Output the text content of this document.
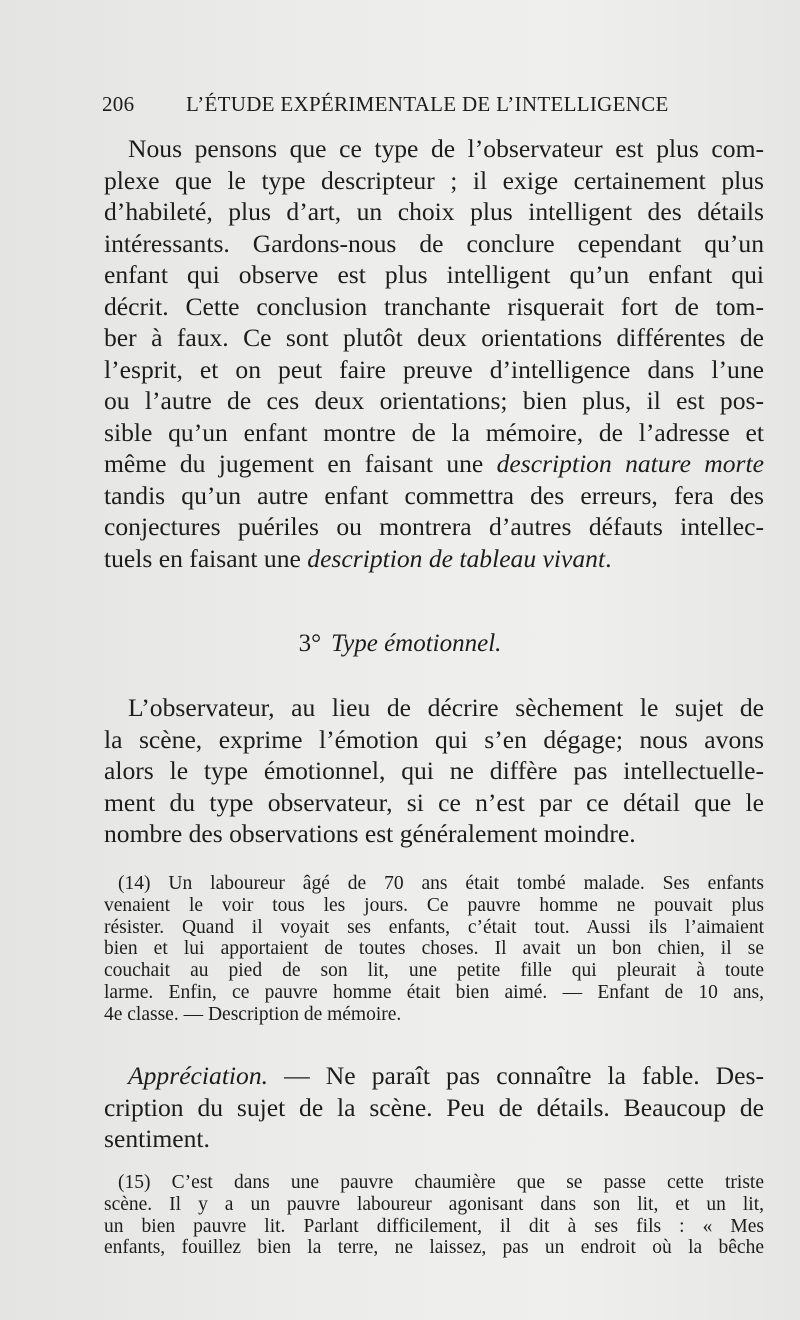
206 L’ÉTUDE EXPÉRIMENTALE DE L’INTELLIGENCE
Nous pensons que ce type de l’observateur est plus com-
plexe que le type descripteur ; il exige certainement plus
d’habileté, plus d’art, un choix plus intelligent des détails
intéressants. Gardons-nous de conclure cependant qu’un
enfant qui observe est plus intelligent qu’un enfant qui
décrit. Cette conclusion tranchante risquerait fort de tom-
ber à faux. Ce sont plutôt deux orientations différentes de
l’esprit, et on peut faire preuve d’intelligence dans l’une
ou l’autre de ces deux orientations; bien plus, il est pos-
sible qu’un enfant montre de la mémoire, de l’adresse et
même du jugement en faisant une description nature morte
tandis qu’un autre enfant commettra des erreurs, fera des
conjectures puériles ou montrera d’autres défauts intellec-
tuels en faisant une description de tableau vivant.
3° Type émotionnel.
L’observateur, au lieu de décrire sèchement le sujet de
la scène, exprime l’émotion qui s’en dégage; nous avons
alors le type émotionnel, qui ne diffère pas intellectuelle-
ment du type observateur, si ce n’est par ce détail que le
nombre des observations est généralement moindre.
(14) Un laboureur âgé de 70 ans était tombé malade. Ses enfants
venaient le voir tous les jours. Ce pauvre homme ne pouvait plus
résister. Quand il voyait ses enfants, c’était tout. Aussi ils l’aimaient
bien et lui apportaient de toutes choses. Il avait un bon chien, il se
couchait au pied de son lit, une petite fille qui pleurait à toute
larme. Enfin, ce pauvre homme était bien aimé. — Enfant de 10 ans,
4e classe. — Description de mémoire.
Appréciation. — Ne paraît pas connaître la fable. Des-
cription du sujet de la scène. Peu de détails. Beaucoup de
sentiment.
(15) C’est dans une pauvre chaumière que se passe cette triste
scène. Il y a un pauvre laboureur agonisant dans son lit, et un lit,
un bien pauvre lit. Parlant difficilement, il dit à ses fils : « Mes
enfants, fouillez bien la terre, ne laissez, pas un endroit où la bêche
